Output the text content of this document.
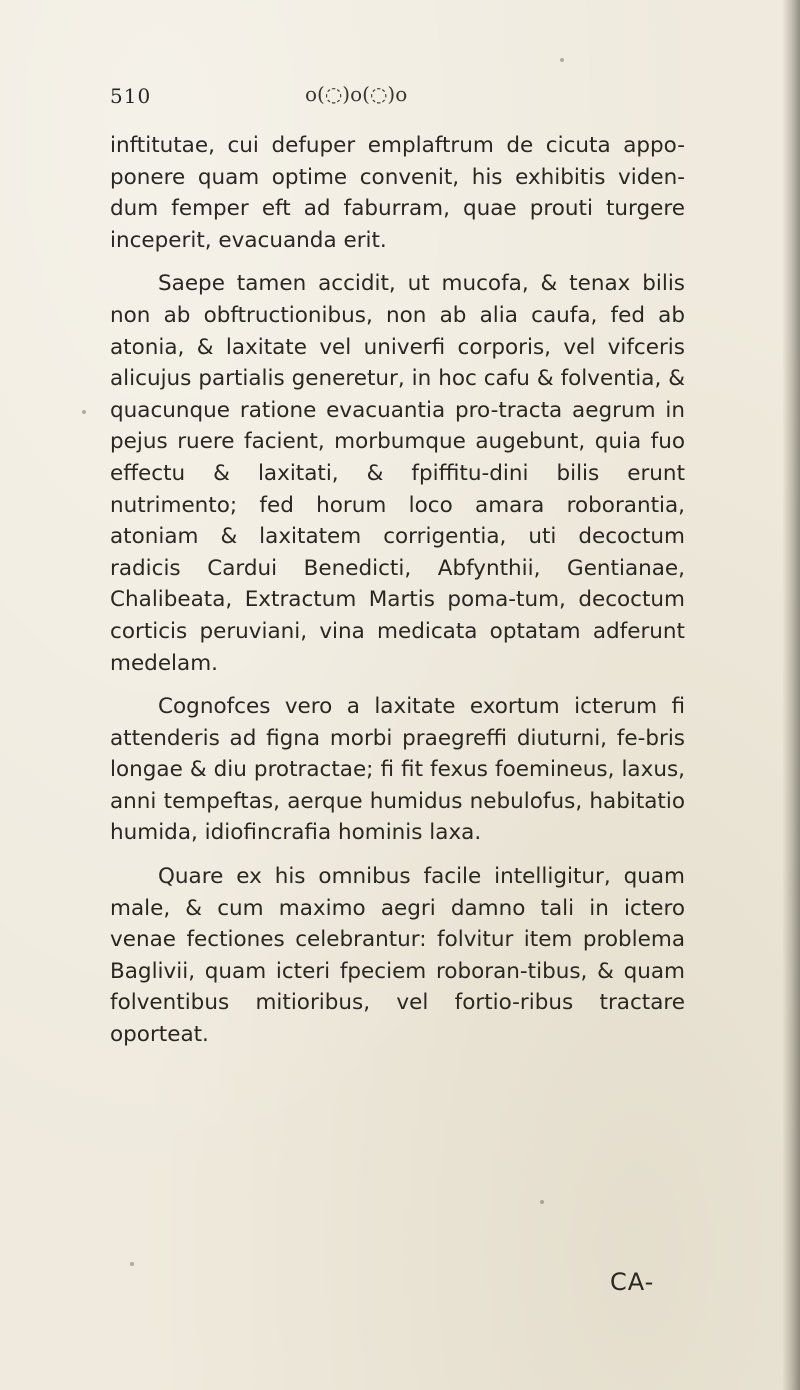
510	o(◌)o(◌)o

inftitutae, cui defuper emplaftrum de cicuta appo-ponere quam optime convenit, his exhibitis viden-dum femper eft ad faburram, quae prouti turgere inceperit, evacuanda erit.

Saepe tamen accidit, ut mucofa, & tenax bilis non ab obftructionibus, non ab alia caufa, fed ab atonia, & laxitate vel univerfi corporis, vel vifceris alicujus partialis generetur, in hoc cafu & folventia, & quacunque ratione evacuantia pro-tracta aegrum in pejus ruere facient, morbumque augebunt, quia fuo effectu & laxitati, & fpiffitu-dini bilis erunt nutrimento; fed horum loco amara roborantia, atoniam & laxitatem corrigentia, uti decoctum radicis Cardui Benedicti, Abfynthii, Gentianae, Chalibeata, Extractum Martis poma-tum, decoctum corticis peruviani, vina medicata optatam adferunt medelam.

Cognofces vero a laxitate exortum icterum fi attenderis ad figna morbi praegreffi diuturni, fe-bris longae & diu protractae; fi fit fexus foemineus, laxus, anni tempeftas, aerque humidus nebulofus, habitatio humida, idiofincrafia hominis laxa.

Quare ex his omnibus facile intelligitur, quam male, & cum maximo aegri damno tali in ictero venae fectiones celebrantur: folvitur item problema Baglivii, quam icteri fpeciem roboran-tibus, & quam folventibus mitioribus, vel fortio-ribus tractare oporteat.

CA-
